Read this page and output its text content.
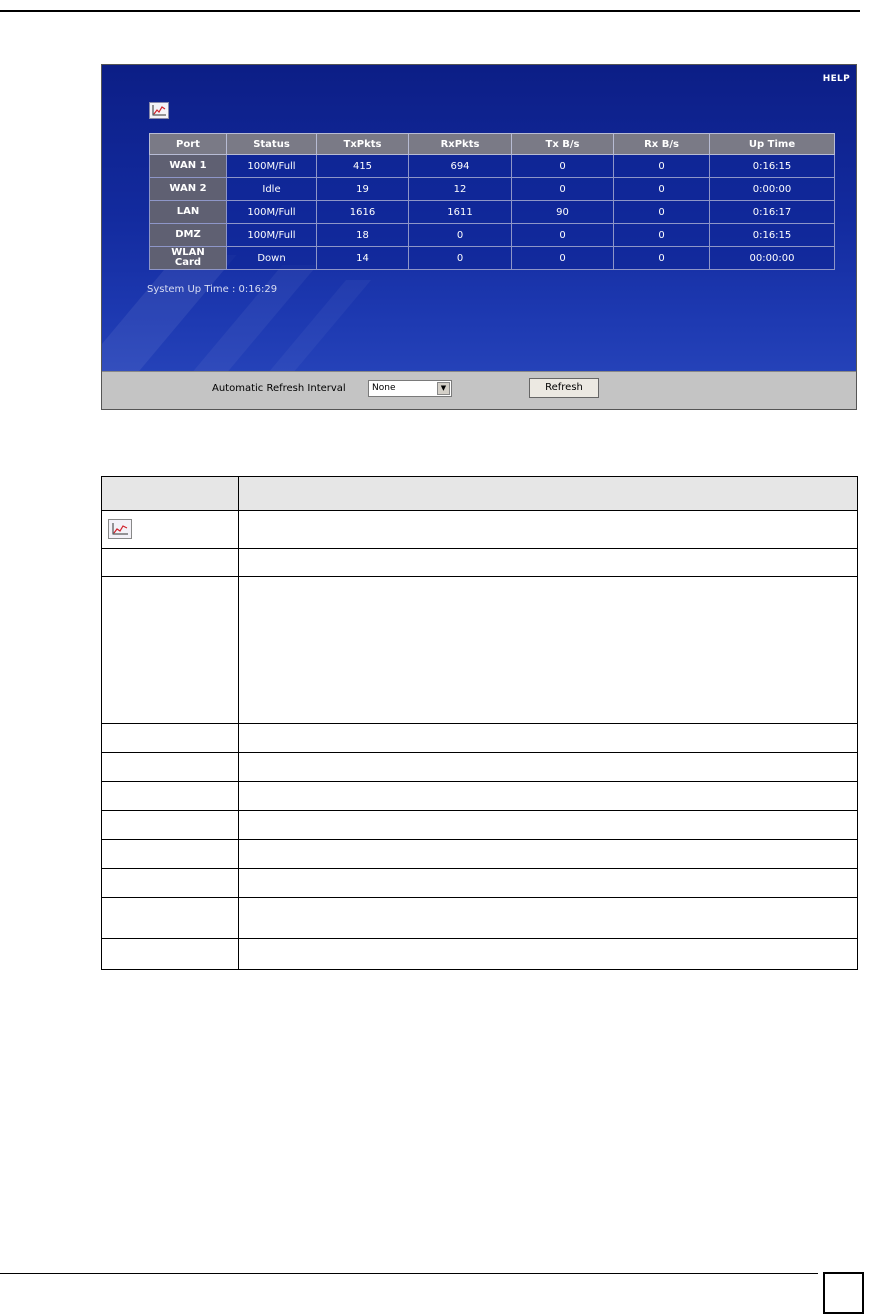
HELP
Port	Status	TxPkts	RxPkts	Tx B/s	Rx B/s	Up Time
WAN 1	100M/Full	415	694	0	0	0:16:15
WAN 2	Idle	19	12	0	0	0:00:00
LAN	100M/Full	1616	1611	90	0	0:16:17
DMZ	100M/Full	18	0	0	0	0:16:15
WLAN Card	Down	14	0	0	0	00:00:00
System Up Time : 0:16:29
Automatic Refresh Interval	None	▼	Refresh
